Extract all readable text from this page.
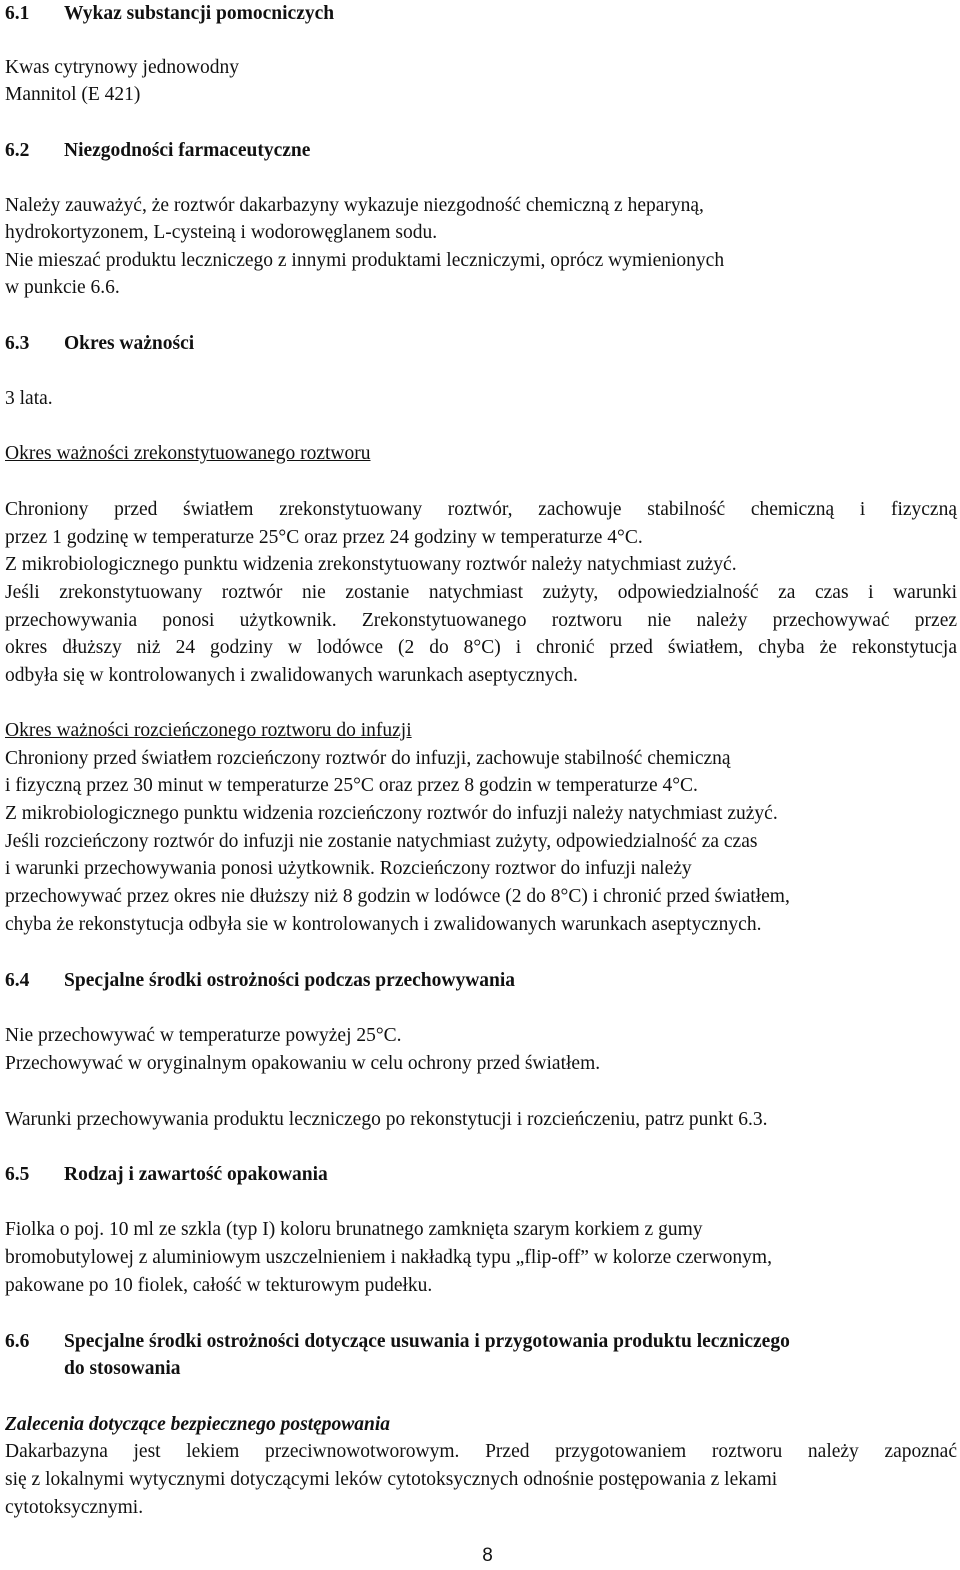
6.1 Wykaz substancji pomocniczych
Kwas cytrynowy jednowodny
Mannitol (E 421)
6.2 Niezgodności farmaceutyczne
Należy zauważyć, że roztwór dakarbazyny wykazuje niezgodność chemiczną z heparyną,
hydrokortyzonem, L-cysteiną i wodorowęglanem sodu.
Nie mieszać produktu leczniczego z innymi produktami leczniczymi, oprócz wymienionych
w punkcie 6.6.
6.3 Okres ważności
3 lata.
Okres ważności zrekonstytuowanego roztworu
Chroniony przed światłem zrekonstytuowany roztwór, zachowuje stabilność chemiczną i fizyczną
przez 1 godzinę w temperaturze 25°C oraz przez 24 godziny w temperaturze 4°C.
Z mikrobiologicznego punktu widzenia zrekonstytuowany roztwór należy natychmiast zużyć.
Jeśli zrekonstytuowany roztwór nie zostanie natychmiast zużyty, odpowiedzialność za czas i warunki
przechowywania ponosi użytkownik. Zrekonstytuowanego roztworu nie należy przechowywać przez
okres dłuższy niż 24 godziny w lodówce (2 do 8°C) i chronić przed światłem, chyba że rekonstytucja
odbyła się w kontrolowanych i zwalidowanych warunkach aseptycznych.
Okres ważności rozcieńczonego roztworu do infuzji
Chroniony przed światłem rozcieńczony roztwór do infuzji, zachowuje stabilność chemiczną
i fizyczną przez 30 minut w temperaturze 25°C oraz przez 8 godzin w temperaturze 4°C.
Z mikrobiologicznego punktu widzenia rozcieńczony roztwór do infuzji należy natychmiast zużyć.
Jeśli rozcieńczony roztwór do infuzji nie zostanie natychmiast zużyty, odpowiedzialność za czas
i warunki przechowywania ponosi użytkownik. Rozcieńczony roztwor do infuzji należy
przechowywać przez okres nie dłuższy niż 8 godzin w lodówce (2 do 8°C) i chronić przed światłem,
chyba że rekonstytucja odbyła sie w kontrolowanych i zwalidowanych warunkach aseptycznych.
6.4 Specjalne środki ostrożności podczas przechowywania
Nie przechowywać w temperaturze powyżej 25°C.
Przechowywać w oryginalnym opakowaniu w celu ochrony przed światłem.
Warunki przechowywania produktu leczniczego po rekonstytucji i rozcieńczeniu, patrz punkt 6.3.
6.5 Rodzaj i zawartość opakowania
Fiolka o poj. 10 ml ze szkla (typ I) koloru brunatnego zamknięta szarym korkiem z gumy
bromobutylowej z aluminiowym uszczelnieniem i nakładką typu „flip-off” w kolorze czerwonym,
pakowane po 10 fiolek, całość w tekturowym pudełku.
6.6 Specjalne środki ostrożności dotyczące usuwania i przygotowania produktu leczniczego
do stosowania
Zalecenia dotyczące bezpiecznego postępowania
Dakarbazyna jest lekiem przeciwnowotworowym. Przed przygotowaniem roztworu należy zapoznać
się z lokalnymi wytycznymi dotyczącymi leków cytotoksycznych odnośnie postępowania z lekami
cytotoksycznymi.
8
